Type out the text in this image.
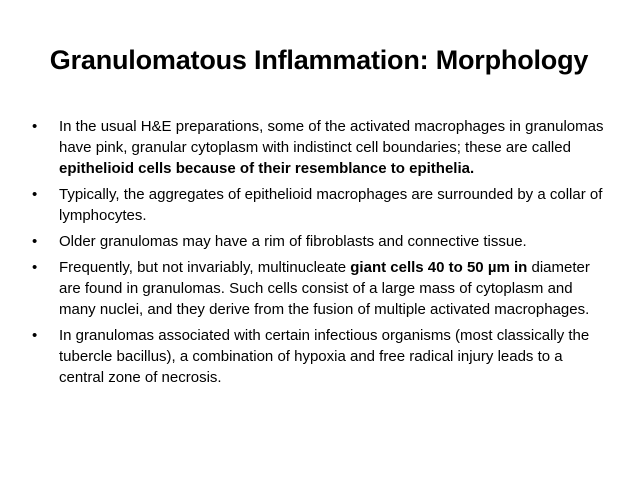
Granulomatous Inflammation: Morphology
•	In the usual H&E preparations, some of the activated macrophages in granulomas have pink, granular cytoplasm with indistinct cell boundaries; these are called epithelioid cells because of their resemblance to epithelia.
•	Typically, the aggregates of epithelioid macrophages are surrounded by a collar of lymphocytes.
•	Older granulomas may have a rim of fibroblasts and connective tissue.
•	Frequently, but not invariably, multinucleate giant cells 40 to 50 µm in diameter are found in granulomas. Such cells consist of a large mass of cytoplasm and many nuclei, and they derive from the fusion of multiple activated macrophages.
•	In granulomas associated with certain infectious organisms (most classically the tubercle bacillus), a combination of hypoxia and free radical injury leads to a central zone of necrosis.
